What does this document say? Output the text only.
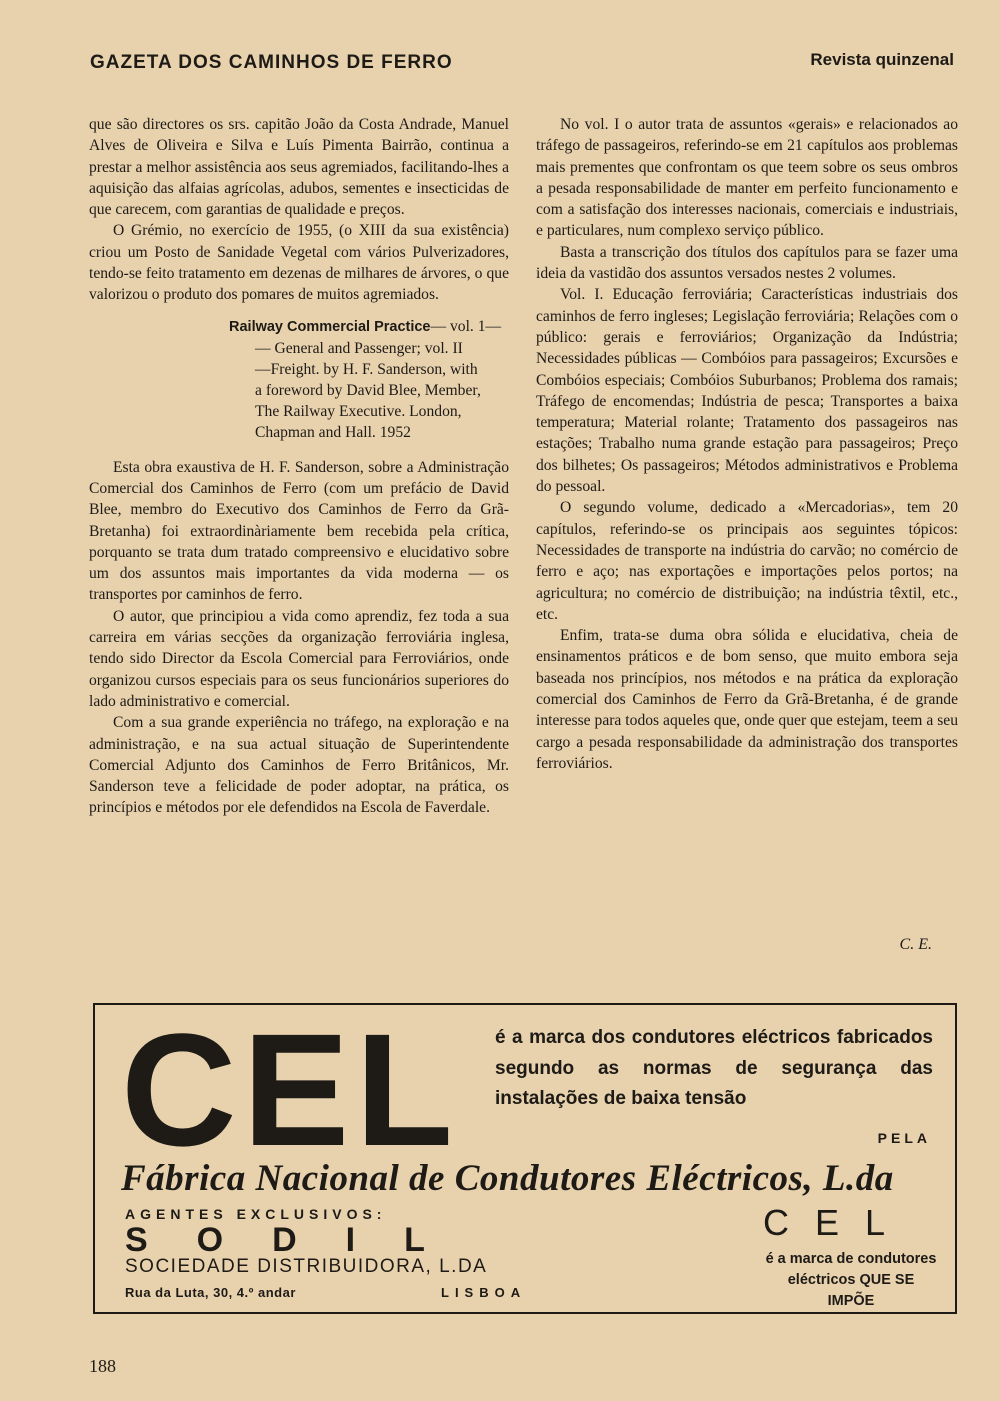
GAZETA DOS CAMINHOS DE FERRO	Revista quinzenal

que são directores os srs. capitão João da Costa Andrade, Manuel Alves de Oliveira e Silva e Luís Pimenta Bairrão, continua a prestar a melhor assistência aos seus agremiados, facilitando-lhes a aquisição das alfaias agrícolas, adubos, sementes e insecticidas de que carecem, com garantias de qualidade e preços.

O Grémio, no exercício de 1955, (o XIII da sua existência) criou um Posto de Sanidade Vegetal com vários Pulverizadores, tendo-se feito tratamento em dezenas de milhares de árvores, o que valorizou o produto dos pomares de muitos agremiados.

Railway Commercial Practice— vol. 1—
— General and Passenger; vol. II
—Freight. by H. F. Sanderson, with
a foreword by David Blee, Member,
The Railway Executive. London,
Chapman and Hall. 1952

Esta obra exaustiva de H. F. Sanderson, sobre a Administração Comercial dos Caminhos de Ferro (com um prefácio de David Blee, membro do Executivo dos Caminhos de Ferro da Grã-Bretanha) foi extraordinàriamente bem recebida pela crítica, porquanto se trata dum tratado compreensivo e elucidativo sobre um dos assuntos mais importantes da vida moderna — os transportes por caminhos de ferro.

O autor, que principiou a vida como aprendiz, fez toda a sua carreira em várias secções da organização ferroviária inglesa, tendo sido Director da Escola Comercial para Ferroviários, onde organizou cursos especiais para os seus funcionários superiores do lado administrativo e comercial.

Com a sua grande experiência no tráfego, na exploração e na administração, e na sua actual situação de Superintendente Comercial Adjunto dos Caminhos de Ferro Britânicos, Mr. Sanderson teve a felicidade de poder adoptar, na prática, os princípios e métodos por ele defendidos na Escola de Faverdale.

No vol. I o autor trata de assuntos «gerais» e relacionados ao tráfego de passageiros, referindo-se em 21 capítulos aos problemas mais prementes que confrontam os que teem sobre os seus ombros a pesada responsabilidade de manter em perfeito funcionamento e com a satisfação dos interesses nacionais, comerciais e industriais, e particulares, num complexo serviço público.

Basta a transcrição dos títulos dos capítulos para se fazer uma ideia da vastidão dos assuntos versados nestes 2 volumes.

Vol. I. Educação ferroviária; Características industriais dos caminhos de ferro ingleses; Legislação ferroviária; Relações com o público: gerais e ferroviários; Organização da Indústria; Necessidades públicas — Combóios para passageiros; Excursões e Combóios especiais; Combóios Suburbanos; Problema dos ramais; Tráfego de encomendas; Indústria de pesca; Transportes a baixa temperatura; Material rolante; Tratamento dos passageiros nas estações; Trabalho numa grande estação para passageiros; Preço dos bilhetes; Os passageiros; Métodos administrativos e Problema do pessoal.

O segundo volume, dedicado a «Mercadorias», tem 20 capítulos, referindo-se os principais aos seguintes tópicos: Necessidades de transporte na indústria do carvão; no comércio de ferro e aço; nas exportações e importações pelos portos; na agricultura; no comércio de distribuição; na indústria têxtil, etc., etc.

Enfim, trata-se duma obra sólida e elucidativa, cheia de ensinamentos práticos e de bom senso, que muito embora seja baseada nos princípios, nos métodos e na prática da exploração comercial dos Caminhos de Ferro da Grã-Bretanha, é de grande interesse para todos aqueles que, onde quer que estejam, teem a seu cargo a pesada responsabilidade da administração dos transportes ferroviários.

C. E.
CEL é a marca dos condutores eléctricos fabricados segundo as normas de segurança das instalações de baixa tensão
PELA
Fábrica Nacional de Condutores Eléctricos, L.da
AGENTES EXCLUSIVOS:
SODIL
SOCIEDADE DISTRIBUIDORA, L.DA
Rua da Luta, 30, 4.º andar	LISBOA
CEL
é a marca de condutores eléctricos QUE SE IMPÕE
188
